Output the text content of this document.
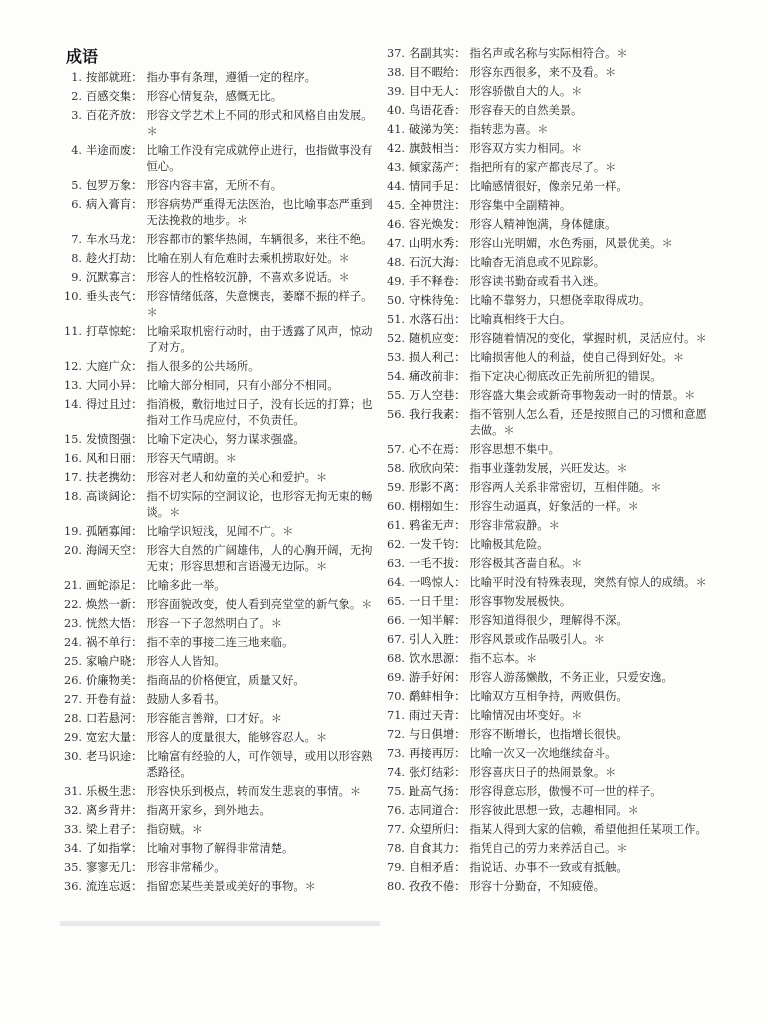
成语
1. 按部就班： 指办事有条理，遵循一定的程序。
2. 百感交集： 形容心情复杂，感慨无比。
3. 百花齐放： 形容文学艺术上不同的形式和风格自由发展。＊
4. 半途而废： 比喻工作没有完成就停止进行，也指做事没有恒心。
5. 包罗万象： 形容内容丰富，无所不有。
6. 病入膏肓： 形容病势严重得无法医治，也比喻事态严重到无法挽救的地步。＊
7. 车水马龙： 形容都市的繁华热闹，车辆很多，来往不绝。
8. 趁火打劫： 比喻在别人有危难时去乘机捞取好处。＊
9. 沉默寡言： 形容人的性格较沉静，不喜欢多说话。＊
10. 垂头丧气： 形容情绪低落，失意懊丧，萎靡不振的样子。＊
11. 打草惊蛇： 比喻采取机密行动时，由于透露了风声，惊动了对方。
12. 大庭广众： 指人很多的公共场所。
13. 大同小异： 比喻大部分相同，只有小部分不相同。
14. 得过且过： 指消极，敷衍地过日子，没有长远的打算；也指对工作马虎应付，不负责任。
15. 发愤图强： 比喻下定决心，努力谋求强盛。
16. 风和日丽： 形容天气晴朗。＊
17. 扶老携幼： 形容对老人和幼童的关心和爱护。＊
18. 高谈阔论： 指不切实际的空洞议论，也形容无拘无束的畅谈。＊
19. 孤陋寡闻： 比喻学识短浅，见闻不广。＊
20. 海阔天空： 形容大自然的广阔雄伟，人的心胸开阔，无拘无束；形容思想和言语漫无边际。＊
21. 画蛇添足： 比喻多此一举。
22. 焕然一新： 形容面貌改变，使人看到亮堂堂的新气象。＊
23. 恍然大悟： 形容一下子忽然明白了。＊
24. 祸不单行： 指不幸的事接二连三地来临。
25. 家喻户晓： 形容人人皆知。
26. 价廉物美： 指商品的价格便宜，质量又好。
27. 开卷有益： 鼓励人多看书。
28. 口若悬河： 形容能言善辩，口才好。＊
29. 宽宏大量： 形容人的度量很大，能够容忍人。＊
30. 老马识途： 比喻富有经验的人，可作领导，或用以形容熟悉路径。
31. 乐极生悲： 形容快乐到极点，转而发生悲哀的事情。＊
32. 离乡背井： 指离开家乡，到外地去。
33. 梁上君子： 指窃贼。＊
34. 了如指掌： 比喻对事物了解得非常清楚。
35. 寥寥无几： 形容非常稀少。
36. 流连忘返： 指留恋某些美景或美好的事物。＊
37. 名副其实： 指名声或名称与实际相符合。＊
38. 目不暇给： 形容东西很多，来不及看。＊
39. 目中无人： 形容骄傲自大的人。＊
40. 鸟语花香： 形容春天的自然美景。
41. 破涕为笑： 指转悲为喜。＊
42. 旗鼓相当： 形容双方实力相同。＊
43. 倾家荡产： 指把所有的家产都丧尽了。＊
44. 情同手足： 比喻感情很好，像亲兄弟一样。
45. 全神贯注： 形容集中全副精神。
46. 容光焕发： 形容人精神饱满，身体健康。
47. 山明水秀： 形容山光明媚，水色秀丽，风景优美。＊
48. 石沉大海： 比喻杳无消息或不见踪影。
49. 手不释卷： 形容读书勤奋或看书入迷。
50. 守株待兔： 比喻不靠努力，只想侥幸取得成功。
51. 水落石出： 比喻真相终于大白。
52. 随机应变： 形容随着情况的变化，掌握时机，灵活应付。＊
53. 损人利己： 比喻损害他人的利益，使自己得到好处。＊
54. 痛改前非： 指下定决心彻底改正先前所犯的错误。
55. 万人空巷： 形容盛大集会或新奇事物轰动一时的情景。＊
56. 我行我素： 指不管别人怎么看，还是按照自己的习惯和意愿去做。＊
57. 心不在焉： 形容思想不集中。
58. 欣欣向荣： 指事业蓬勃发展，兴旺发达。＊
59. 形影不离： 形容两人关系非常密切，互相伴随。＊
60. 栩栩如生： 形容生动逼真，好象活的一样。＊
61. 鸦雀无声： 形容非常寂静。＊
62. 一发千钧： 比喻极其危险。
63. 一毛不拔： 形容极其吝啬自私。＊
64. 一鸣惊人： 比喻平时没有特殊表现，突然有惊人的成绩。＊
65. 一日千里： 形容事物发展极快。
66. 一知半解： 形容知道得很少，理解得不深。
67. 引人入胜： 形容风景或作品吸引人。＊
68. 饮水思源： 指不忘本。＊
69. 游手好闲： 形容人游荡懒散，不务正业，只爱安逸。
70. 鹬蚌相争： 比喻双方互相争持，两败俱伤。
71. 雨过天青： 比喻情况由坏变好。＊
72. 与日俱增： 形容不断增长，也指增长很快。
73. 再接再厉： 比喻一次又一次地继续奋斗。
74. 张灯结彩： 形容喜庆日子的热闹景象。＊
75. 趾高气扬： 形容得意忘形，傲慢不可一世的样子。
76. 志同道合： 形容彼此思想一致，志趣相同。＊
77. 众望所归： 指某人得到大家的信赖，希望他担任某项工作。
78. 自食其力： 指凭自己的劳力来养活自己。＊
79. 自相矛盾： 指说话、办事不一致或有抵触。
80. 孜孜不倦： 形容十分勤奋，不知疲倦。
